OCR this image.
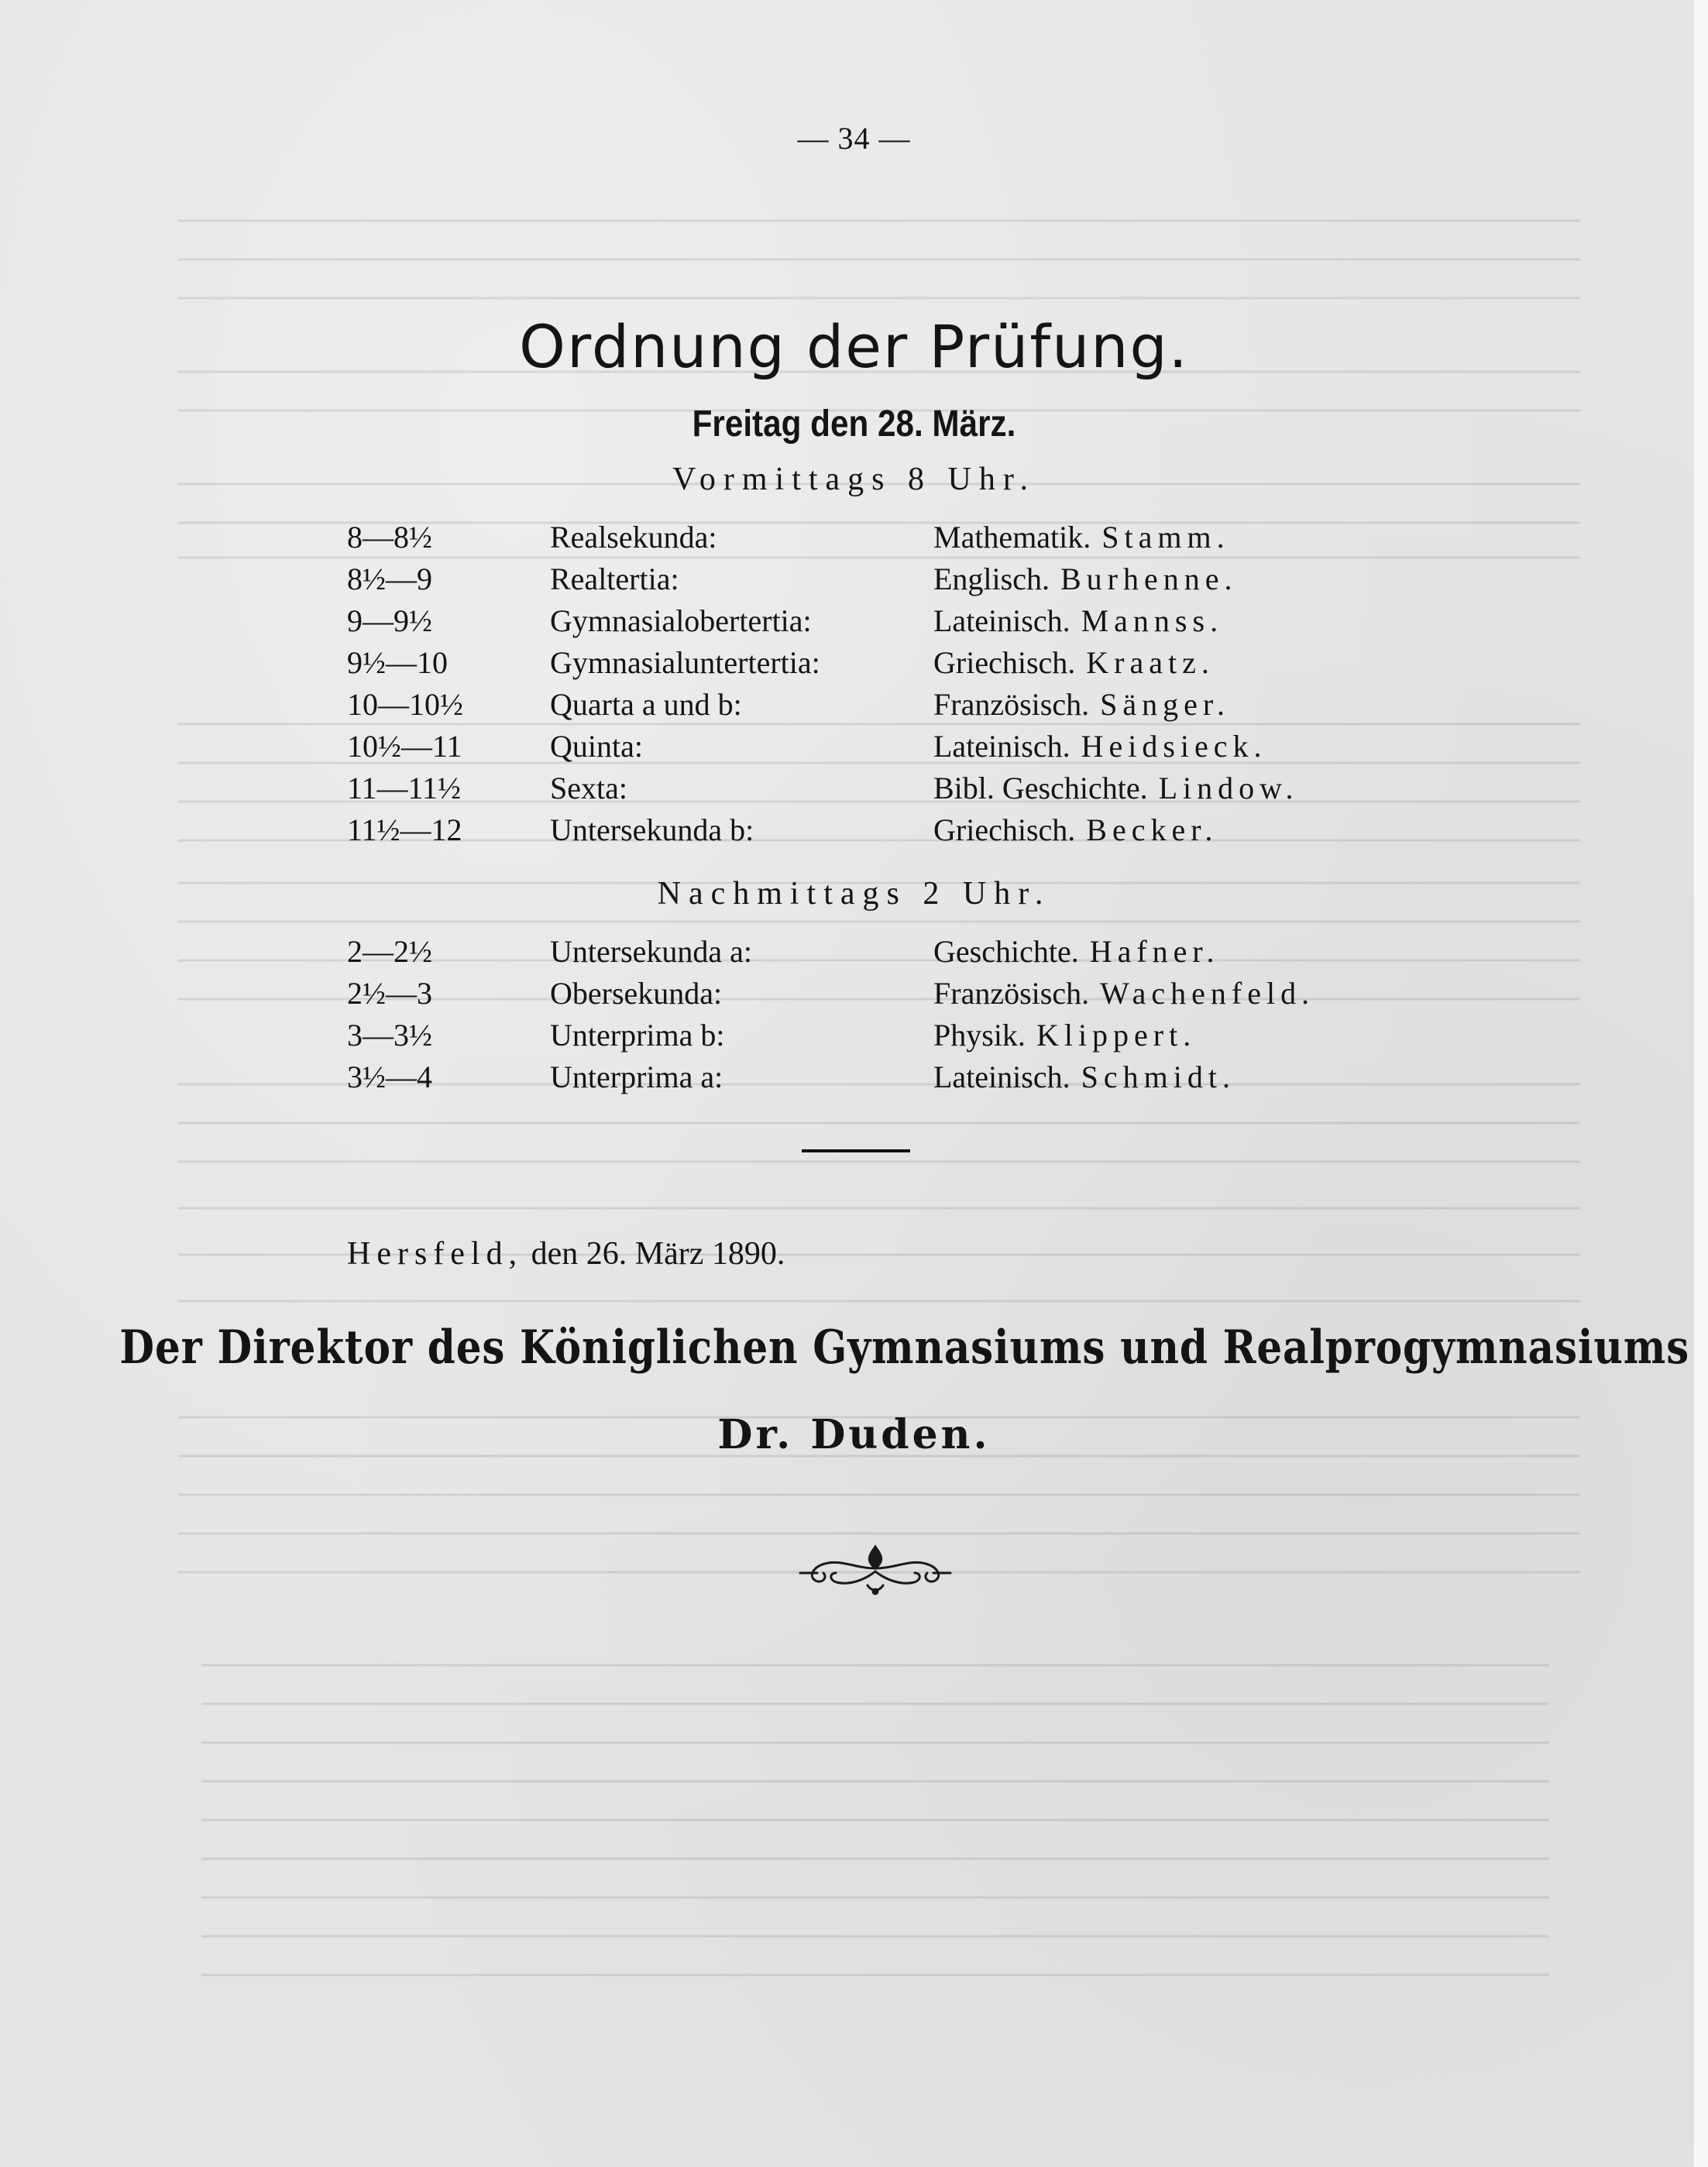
— 34 —
Ordnung der Prüfung.
Freitag den 28. März.
Vormittags 8 Uhr.
8—8½	Realsekunda:	Mathematik. Stamm.
8½—9	Realtertia:	Englisch. Burhenne.
9—9½	Gymnasialobertertia:	Lateinisch. Mannss.
9½—10	Gymnasialuntertertia:	Griechisch. Kraatz.
10—10½	Quarta a und b:	Französisch. Sänger.
10½—11	Quinta:	Lateinisch. Heidsieck.
11—11½	Sexta:	Bibl. Geschichte. Lindow.
11½—12	Untersekunda b:	Griechisch. Becker.
Nachmittags 2 Uhr.
2—2½	Untersekunda a:	Geschichte. Hafner.
2½—3	Obersekunda:	Französisch. Wachenfeld.
3—3½	Unterprima b:	Physik. Klippert.
3½—4	Unterprima a:	Lateinisch. Schmidt.
Hersfeld, den 26. März 1890.
Der Direktor des Königlichen Gymnasiums und Realprogymnasiums
Dr. Duden.
